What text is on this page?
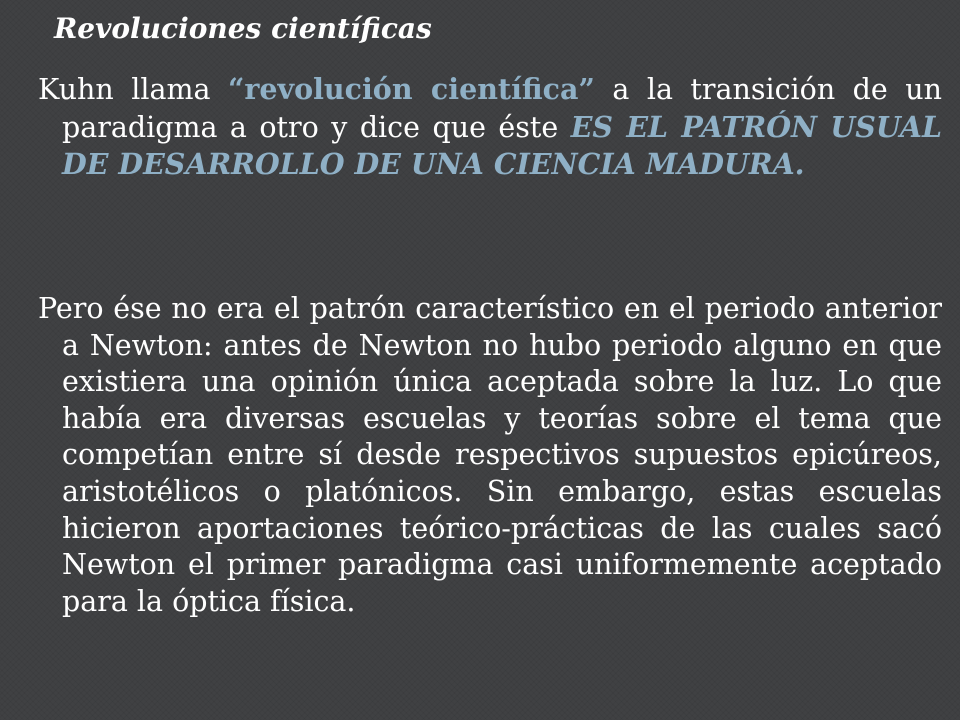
Revoluciones científicas

Kuhn llama “revolución científica” a la transición de un paradigma a otro y dice que éste ES EL PATRÓN USUAL DE DESARROLLO DE UNA CIENCIA MADURA.

Pero ése no era el patrón característico en el periodo anterior a Newton: antes de Newton no hubo periodo alguno en que existiera una opinión única aceptada sobre la luz. Lo que había era diversas escuelas y teorías sobre el tema que competían entre sí desde respectivos supuestos epicúreos, aristotélicos o platónicos. Sin embargo, estas escuelas hicieron aportaciones teórico-prácticas de las cuales sacó Newton el primer paradigma casi uniformemente aceptado para la óptica física.
